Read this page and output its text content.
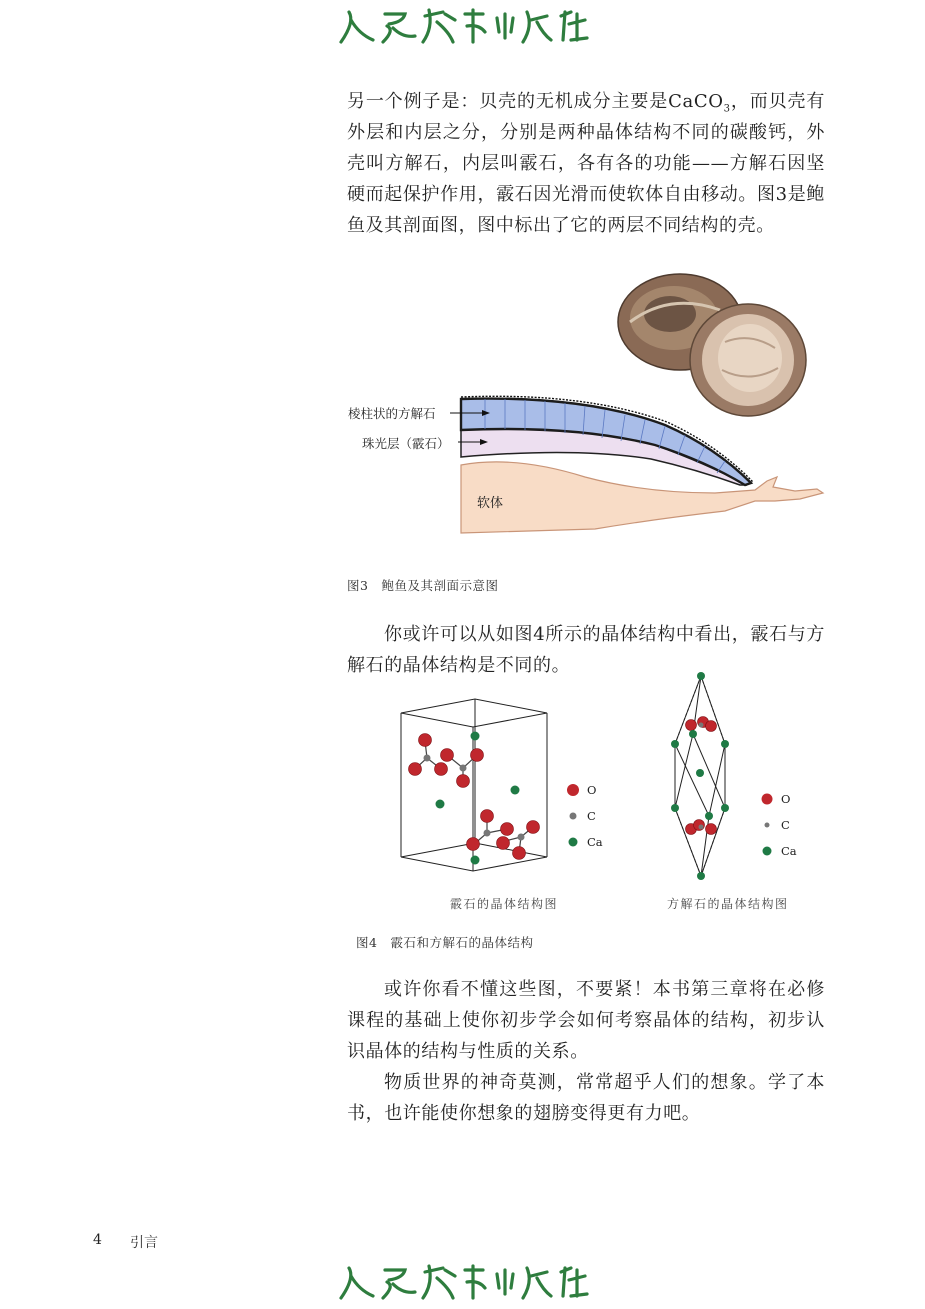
另一个例子是：贝壳的无机成分主要是CaCO$_3$，而贝壳有外层和内层之分，分别是两种晶体结构不同的碳酸钙，外壳叫方解石，内层叫霰石，各有各的功能——方解石因坚硬而起保护作用，霰石因光滑而使软体自由移动。图3是鲍鱼及其剖面图，图中标出了它的两层不同结构的壳。

棱柱状的方解石
珠光层（霰石）
软体
图3　鲍鱼及其剖面示意图

你或许可以从如图4所示的晶体结构中看出，霰石与方解石的晶体结构是不同的。

O
C
Ca
O
C
Ca
霰石的晶体结构图	方解石的晶体结构图
图4　霰石和方解石的晶体结构

或许你看不懂这些图，不要紧！本书第三章将在必修课程的基础上使你初步学会如何考察晶体的结构，初步认识晶体的结构与性质的关系。

物质世界的神奇莫测，常常超乎人们的想象。学了本书，也许能使你想象的翅膀变得更有力吧。

4 引言
